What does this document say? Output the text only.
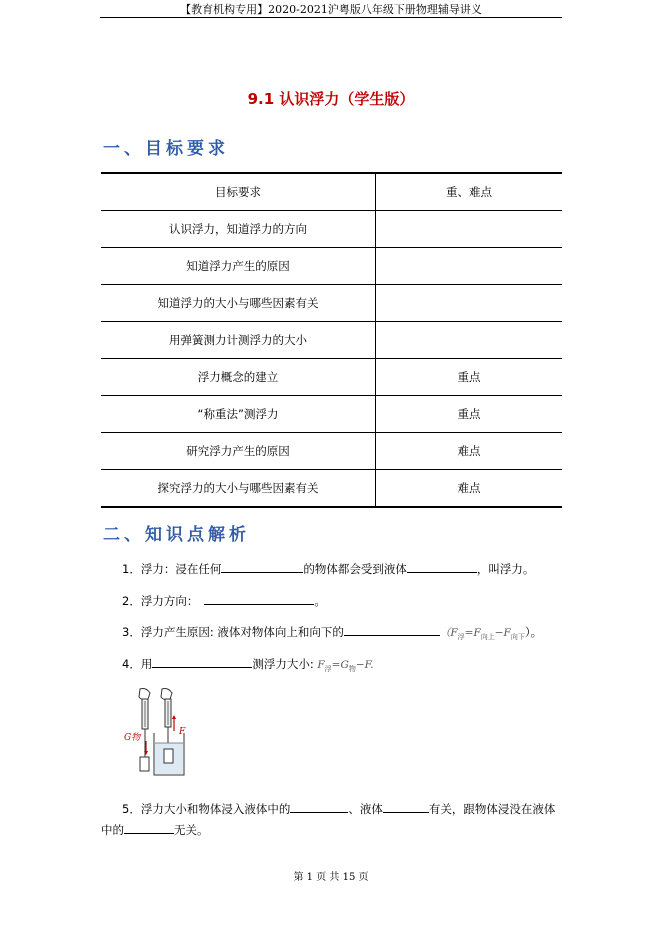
【教育机构专用】2020-2021沪粤版八年级下册物理辅导讲义
9.1 认识浮力（学生版）
一、目标要求
目标要求	重、难点
认识浮力，知道浮力的方向	
知道浮力产生的原因	
知道浮力的大小与哪些因素有关	
用弹簧测力计测浮力的大小	
浮力概念的建立	重点
“称重法”测浮力	重点
研究浮力产生的原因	难点
探究浮力的大小与哪些因素有关	难点
二、知识点解析
1．浮力：浸在任何	的物体都会受到液体	，叫浮力。
2．浮力方向：	。
3．浮力产生原因: 液体对物体向上和向下的	$(F_浮=F_{向上}-F_{向下})$。
4．用	测浮力大小: $F_浮=G_物-F$.
G物
F
5．浮力大小和物体浸入液体中的	、液体	有关，跟物体浸没在液体
中的	无关。
第 1 页 共 15 页
